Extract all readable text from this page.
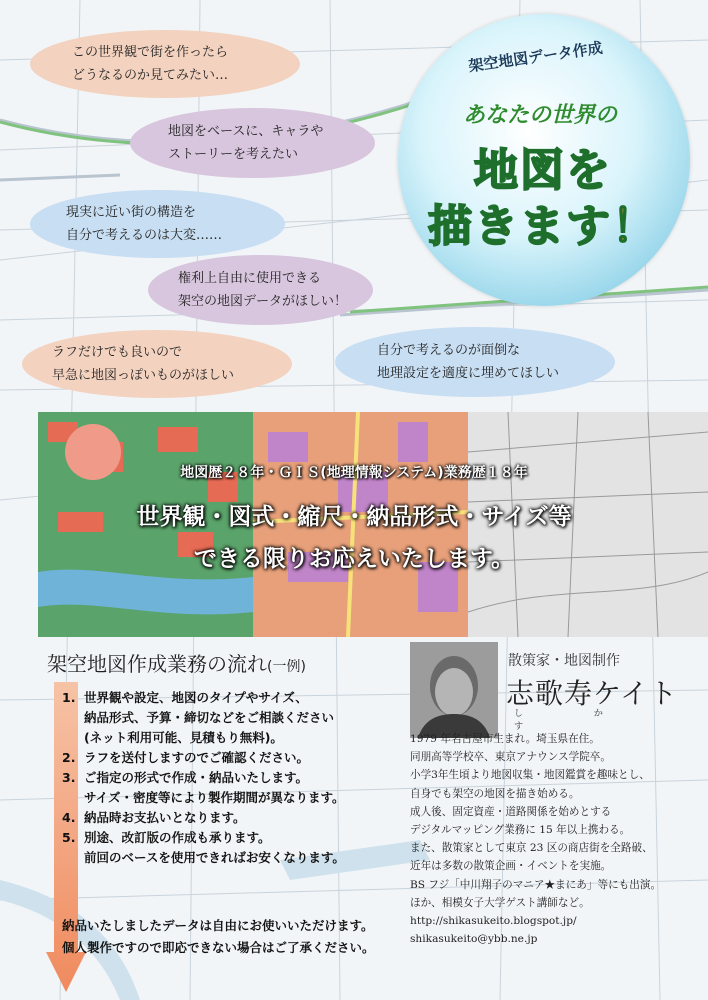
この世界観で街を作ったら
どうなるのか見てみたい…
地図をベースに、キャラや
ストーリーを考えたい
現実に近い街の構造を
自分で考えるのは大変……
権利上自由に使用できる
架空の地図データがほしい！
ラフだけでも良いので
早急に地図っぽいものがほしい
自分で考えるのが面倒な
地理設定を適度に埋めてほしい
架空地図データ作成
あなたの世界の
地図を
描きます！
地図歴２８年・ＧＩＳ(地理情報システム)業務歴１８年
世界観・図式・縮尺・納品形式・サイズ等
できる限りお応えいたします。
架空地図作成業務の流れ(一例)
1. 世界観や設定、地図のタイプやサイズ、
納品形式、予算・締切などをご相談ください
(ネット利用可能、見積もり無料)。
2. ラフを送付しますのでご確認ください。
3. ご指定の形式で作成・納品いたします。
サイズ・密度等により製作期間が異なります。
4. 納品時お支払いとなります。
5. 別途、改訂版の作成も承ります。
前回のベースを使用できればお安くなります。
納品いたしましたデータは自由にお使いいただけます。
個人製作ですので即応できない場合はご了承ください。
散策家・地図制作
志歌寿ケイト
し か す
1979 年名古屋市生まれ。埼玉県在住。
同朋高等学校卒、東京アナウンス学院卒。
小学3年生頃より地図収集・地図鑑賞を趣味とし、
自身でも架空の地図を描き始める。
成人後、固定資産・道路関係を始めとする
デジタルマッピング業務に 15 年以上携わる。
また、散策家として東京 23 区の商店街を全路破、
近年は多数の散策企画・イベントを実施。
BS フジ「中川翔子のマニア★まにあ」等にも出演。
ほか、相模女子大学ゲスト講師など。
http://shikasukeito.blogspot.jp/
shikasukeito@ybb.ne.jp
